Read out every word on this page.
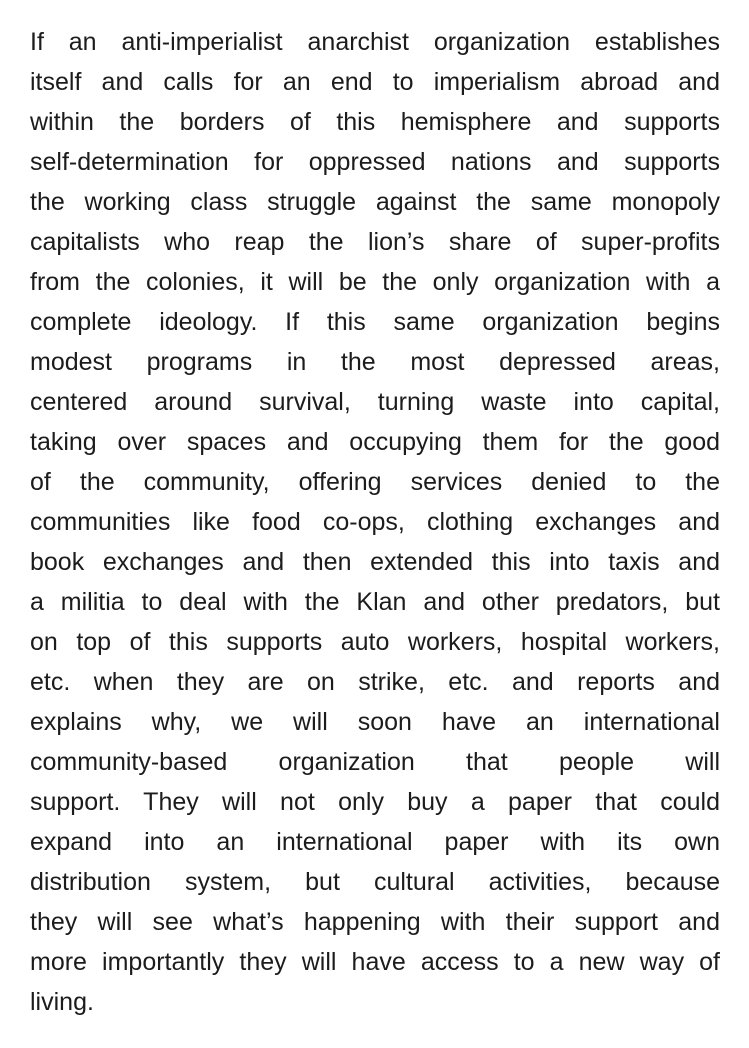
If an anti-imperialist anarchist organization establishes
itself and calls for an end to imperialism abroad and
within the borders of this hemisphere and supports
self-determination for oppressed nations and supports
the working class struggle against the same monopoly
capitalists who reap the lion’s share of super-profits
from the colonies, it will be the only organization with a
complete ideology. If this same organization begins
modest programs in the most depressed areas,
centered around survival, turning waste into capital,
taking over spaces and occupying them for the good
of the community, offering services denied to the
communities like food co-ops, clothing exchanges and
book exchanges and then extended this into taxis and
a militia to deal with the Klan and other predators, but
on top of this supports auto workers, hospital workers,
etc. when they are on strike, etc. and reports and
explains why, we will soon have an international
community-based organization that people will
support. They will not only buy a paper that could
expand into an international paper with its own
distribution system, but cultural activities, because
they will see what’s happening with their support and
more importantly they will have access to a new way of
living.
